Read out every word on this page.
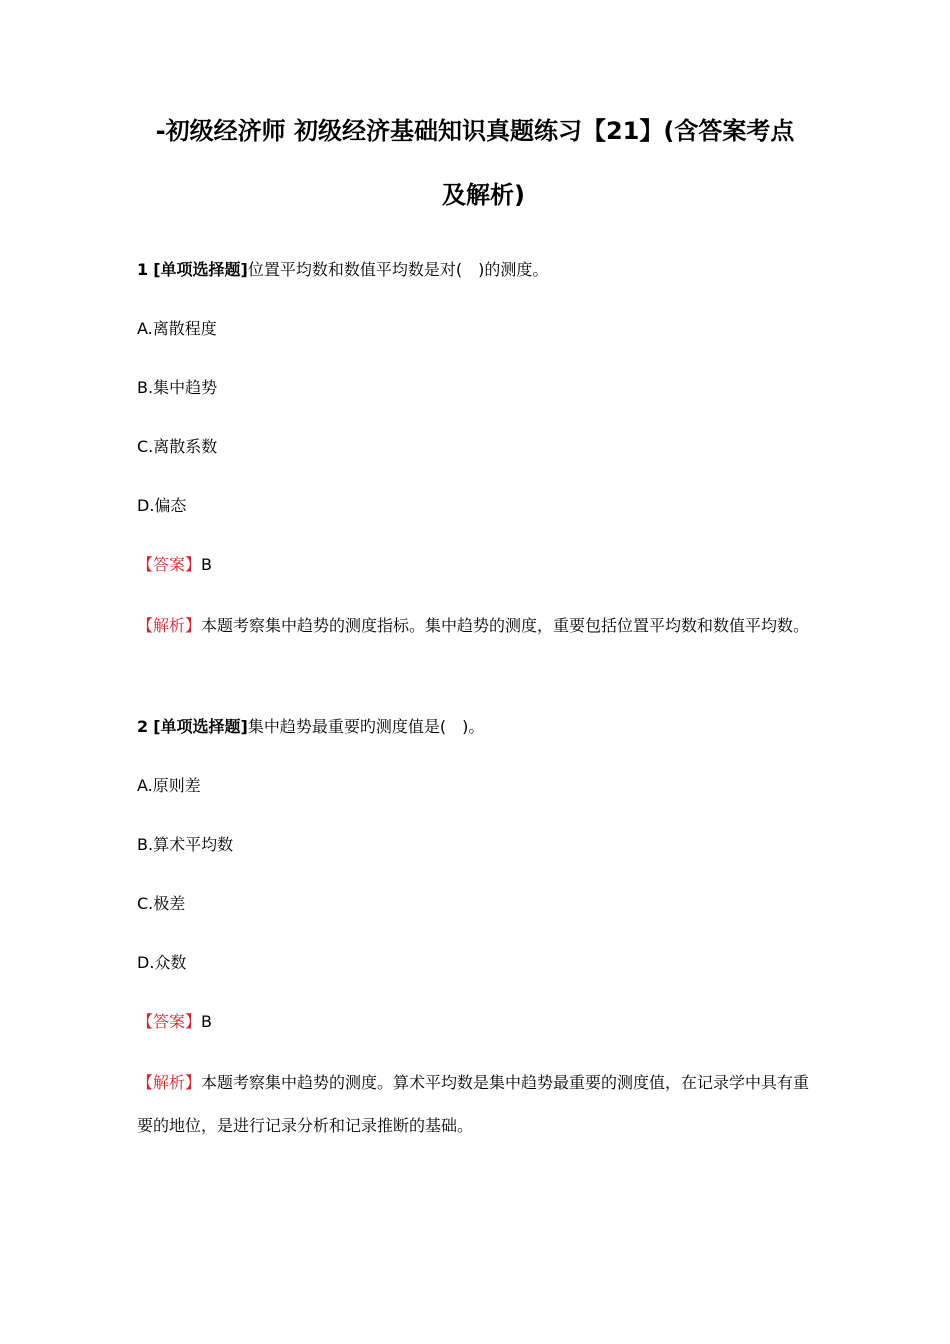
-初级经济师 初级经济基础知识真题练习【21】(含答案考点
及解析)
1 [单项选择题]位置平均数和数值平均数是对(　)的测度。
A.离散程度
B.集中趋势
C.离散系数
D.偏态
【答案】B
【解析】本题考察集中趋势的测度指标。集中趋势的测度，重要包括位置平均数和数值平均数。
2 [单项选择题]集中趋势最重要旳测度值是(　)。
A.原则差
B.算术平均数
C.极差
D.众数
【答案】B
【解析】本题考察集中趋势的测度。算术平均数是集中趋势最重要的测度值，在记录学中具有重要的地位，是进行记录分析和记录推断的基础。
